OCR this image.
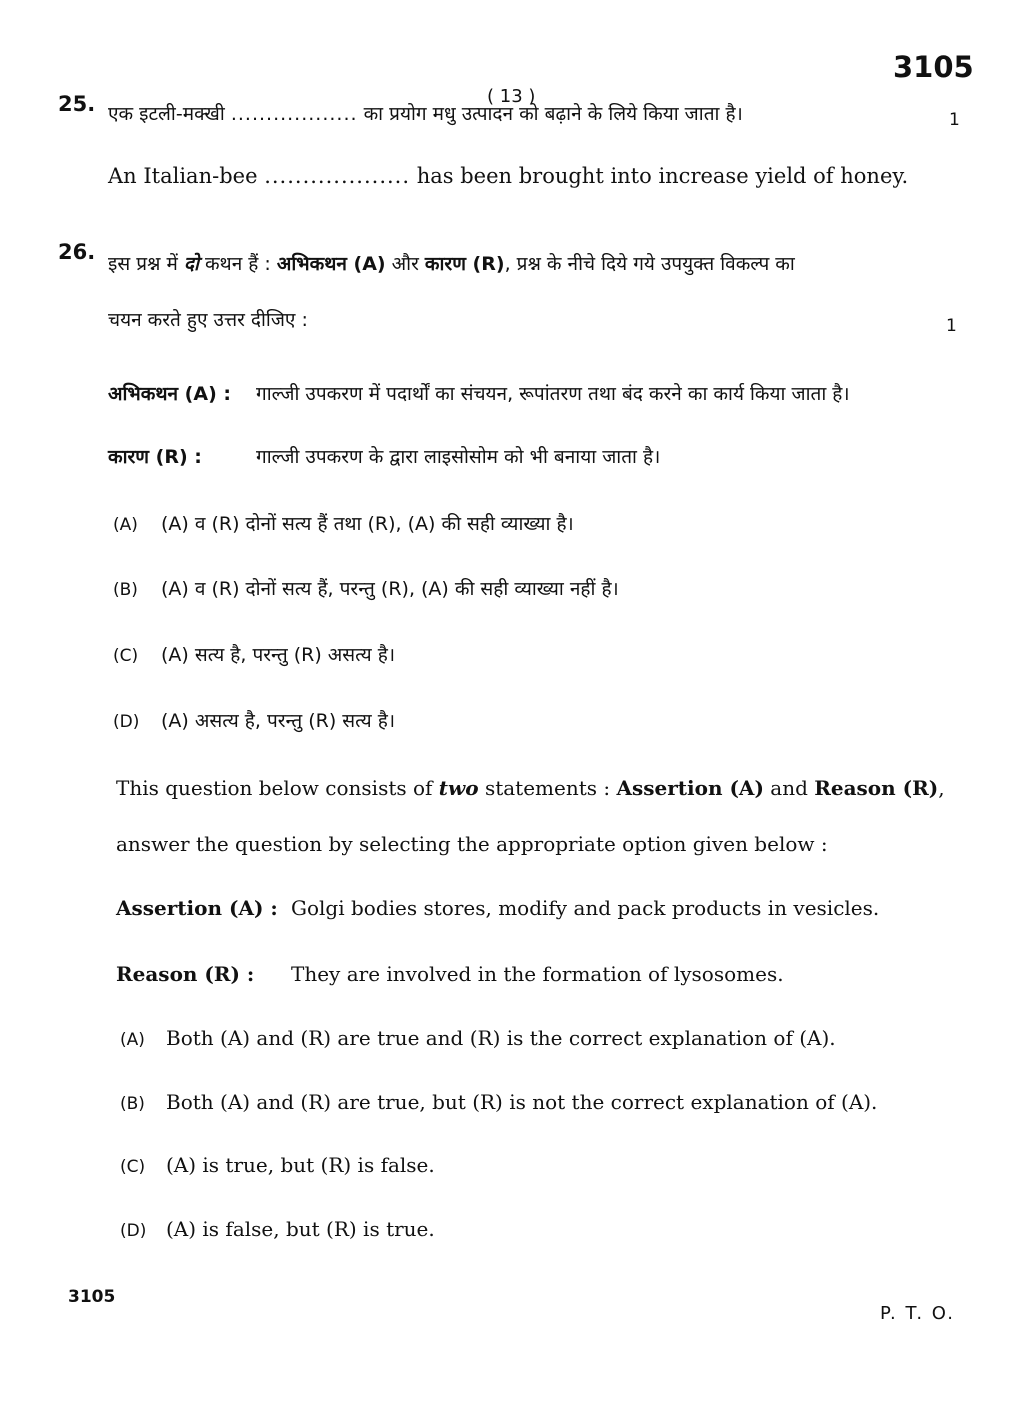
3105
( 13 )
25. एक इटली-मक्खी .................. का प्रयोग मधु उत्पादन को बढ़ाने के लिये किया जाता है।	1
An Italian-bee ................... has been brought into increase yield of honey.
26. इस प्रश्न में दो कथन हैं : अभिकथन (A) और कारण (R), प्रश्न के नीचे दिये गये उपयुक्त विकल्प का
चयन करते हुए उत्तर दीजिए :	1
अभिकथन (A) : गाल्जी उपकरण में पदार्थों का संचयन, रूपांतरण तथा बंद करने का कार्य किया जाता है।
कारण (R) :	गाल्जी उपकरण के द्वारा लाइसोसोम को भी बनाया जाता है।
(A) (A) व (R) दोनों सत्य हैं तथा (R), (A) की सही व्याख्या है।
(B) (A) व (R) दोनों सत्य हैं, परन्तु (R), (A) की सही व्याख्या नहीं है।
(C) (A) सत्य है, परन्तु (R) असत्य है।
(D) (A) असत्य है, परन्तु (R) सत्य है।
This question below consists of two statements : Assertion (A) and Reason (R),
answer the question by selecting the appropriate option given below :
Assertion (A) : Golgi bodies stores, modify and pack products in vesicles.
Reason (R) : They are involved in the formation of lysosomes.
(A) Both (A) and (R) are true and (R) is the correct explanation of (A).
(B) Both (A) and (R) are true, but (R) is not the correct explanation of (A).
(C) (A) is true, but (R) is false.
(D) (A) is false, but (R) is true.
3105
P. T. O.
